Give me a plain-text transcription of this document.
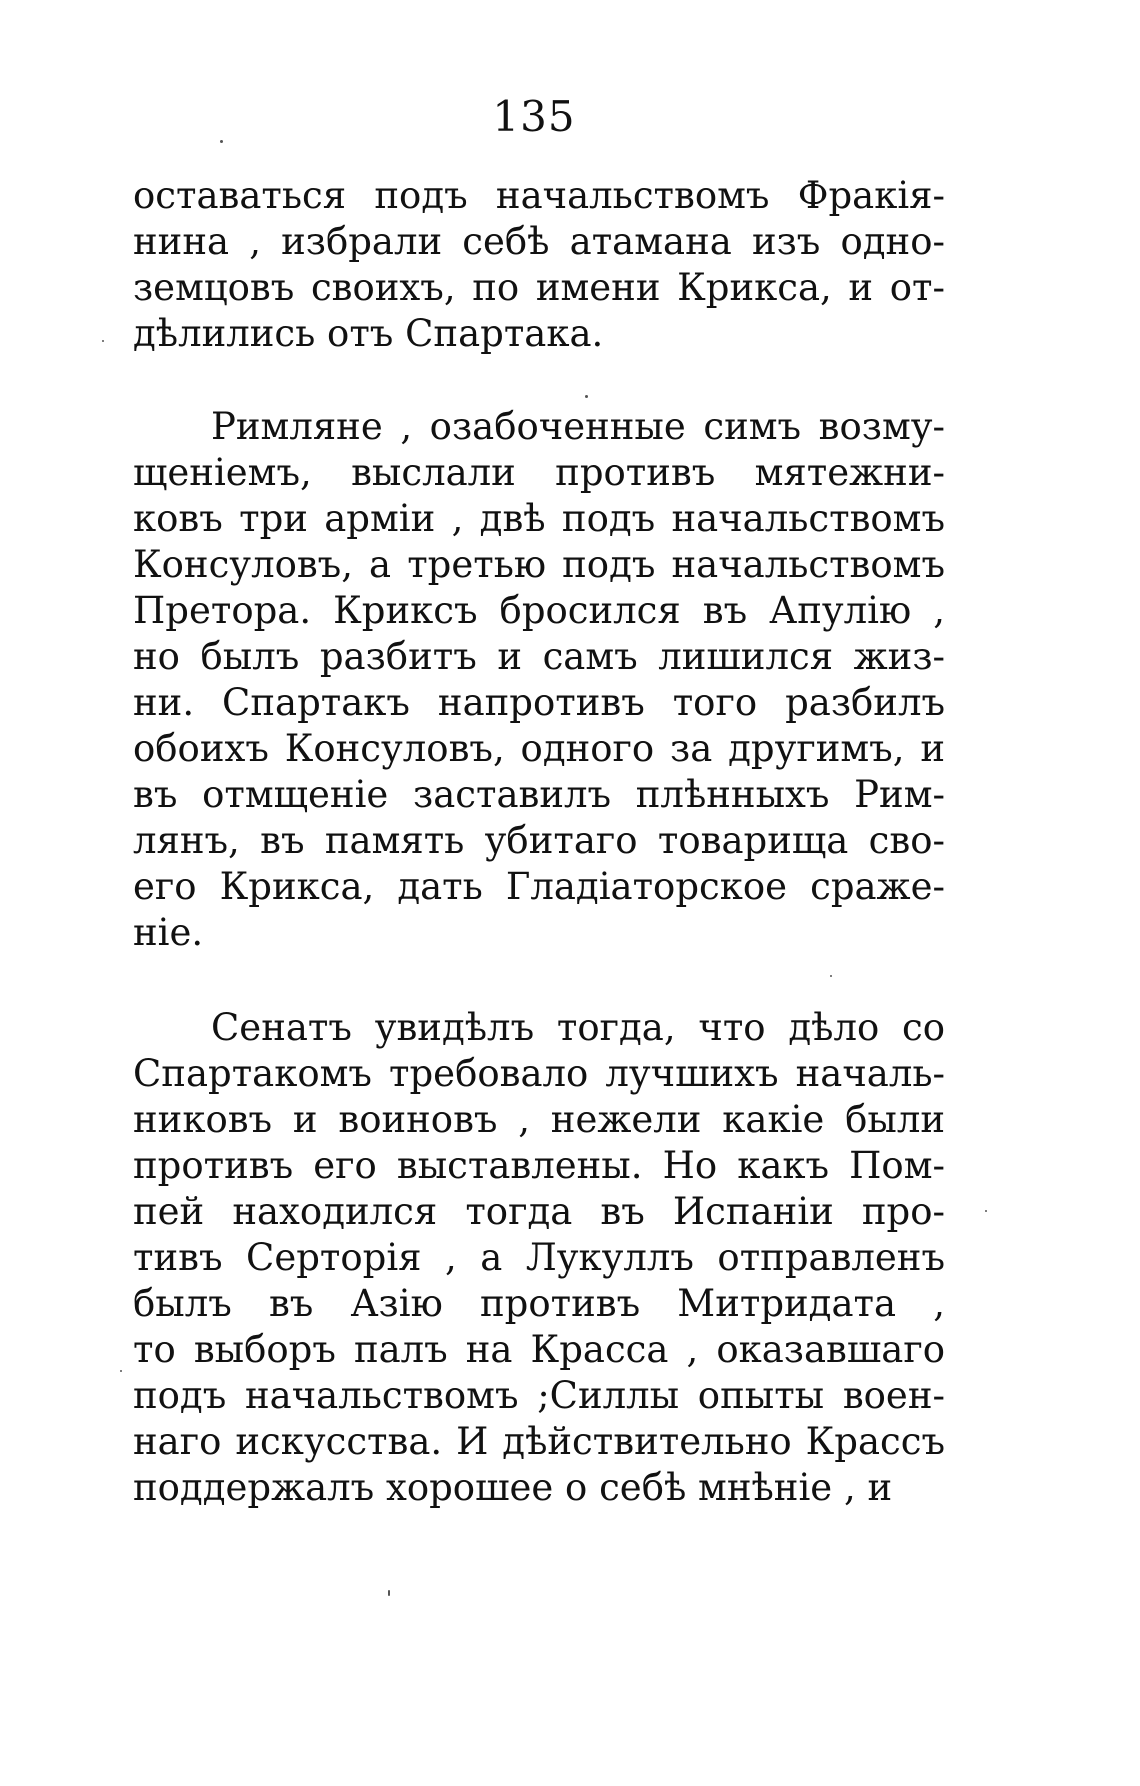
135
оставаться подъ начальствомъ Фракія-
нина , избрали себѣ атамана изъ одно-
земцовъ своихъ, по имени Крикса, и от-
дѣлились отъ Спартака.
Римляне , озабоченные симъ возму-
щеніемъ, выслали противъ мятежни-
ковъ три арміи , двѣ подъ начальствомъ
Консуловъ, а третью подъ начальствомъ
Претора. Криксъ бросился въ Апулію ,
но былъ разбитъ и самъ лишился жиз-
ни. Спартакъ напротивъ того разбилъ
обоихъ Консуловъ, одного за другимъ, и
въ отмщеніе заставилъ плѣнныхъ Рим-
лянъ, въ память убитаго товарища сво-
его Крикса, дать Гладіаторское сраже-
ніе.
Сенатъ увидѣлъ тогда, что дѣло со
Спартакомъ требовало лучшихъ началь-
никовъ и воиновъ , нежели какіе были
противъ его выставлены. Но какъ Пом-
пей находился тогда въ Испаніи про-
тивъ Серторія , а Лукуллъ отправленъ
былъ въ Азію противъ Митридата ,
то выборъ палъ на Красса , оказавшаго
подъ начальствомъ ;Силлы опыты воен-
наго искусства. И дѣйствительно Крассъ
поддержалъ хорошее о себѣ мнѣніе , и
